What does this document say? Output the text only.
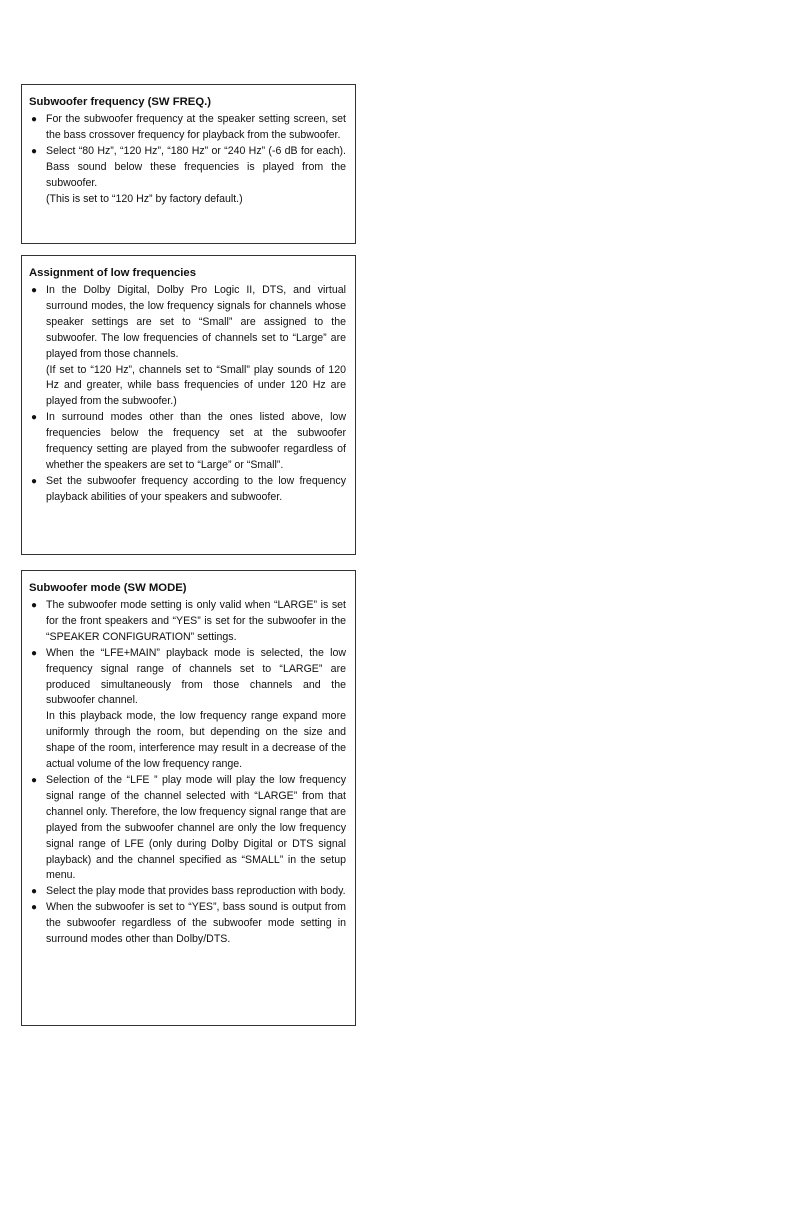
Subwoofer frequency (SW FREQ.)
● For the subwoofer frequency at the speaker setting screen, set the bass crossover frequency for playback from the subwoofer.
● Select “80 Hz”, “120 Hz”, “180 Hz” or “240 Hz” (-6 dB for each). Bass sound below these frequencies is played from the subwoofer.
(This is set to “120 Hz” by factory default.)
Assignment of low frequencies
● In the Dolby Digital, Dolby Pro Logic II, DTS, and virtual surround modes, the low frequency signals for channels whose speaker settings are set to “Small” are assigned to the subwoofer. The low frequencies of channels set to “Large” are played from those channels.
(If set to “120 Hz”, channels set to “Small” play sounds of 120 Hz and greater, while bass frequencies of under 120 Hz are played from the subwoofer.)
● In surround modes other than the ones listed above, low frequencies below the frequency set at the subwoofer frequency setting are played from the subwoofer regardless of whether the speakers are set to “Large” or “Small”.
● Set the subwoofer frequency according to the low frequency playback abilities of your speakers and subwoofer.
Subwoofer mode (SW MODE)
● The subwoofer mode setting is only valid when “LARGE” is set for the front speakers and “YES” is set for the subwoofer in the “SPEAKER CONFIGURATION” settings.
● When the “LFE+MAIN” playback mode is selected, the low frequency signal range of channels set to “LARGE” are produced simultaneously from those channels and the subwoofer channel.
In this playback mode, the low frequency range expand more uniformly through the room, but depending on the size and shape of the room, interference may result in a decrease of the actual volume of the low frequency range.
● Selection of the “LFE ” play mode will play the low frequency signal range of the channel selected with “LARGE” from that channel only. Therefore, the low frequency signal range that are played from the subwoofer channel are only the low frequency signal range of LFE (only during Dolby Digital or DTS signal playback) and the channel specified as “SMALL” in the setup menu.
● Select the play mode that provides bass reproduction with body.
● When the subwoofer is set to “YES”, bass sound is output from the subwoofer regardless of the subwoofer mode setting in surround modes other than Dolby/DTS.
